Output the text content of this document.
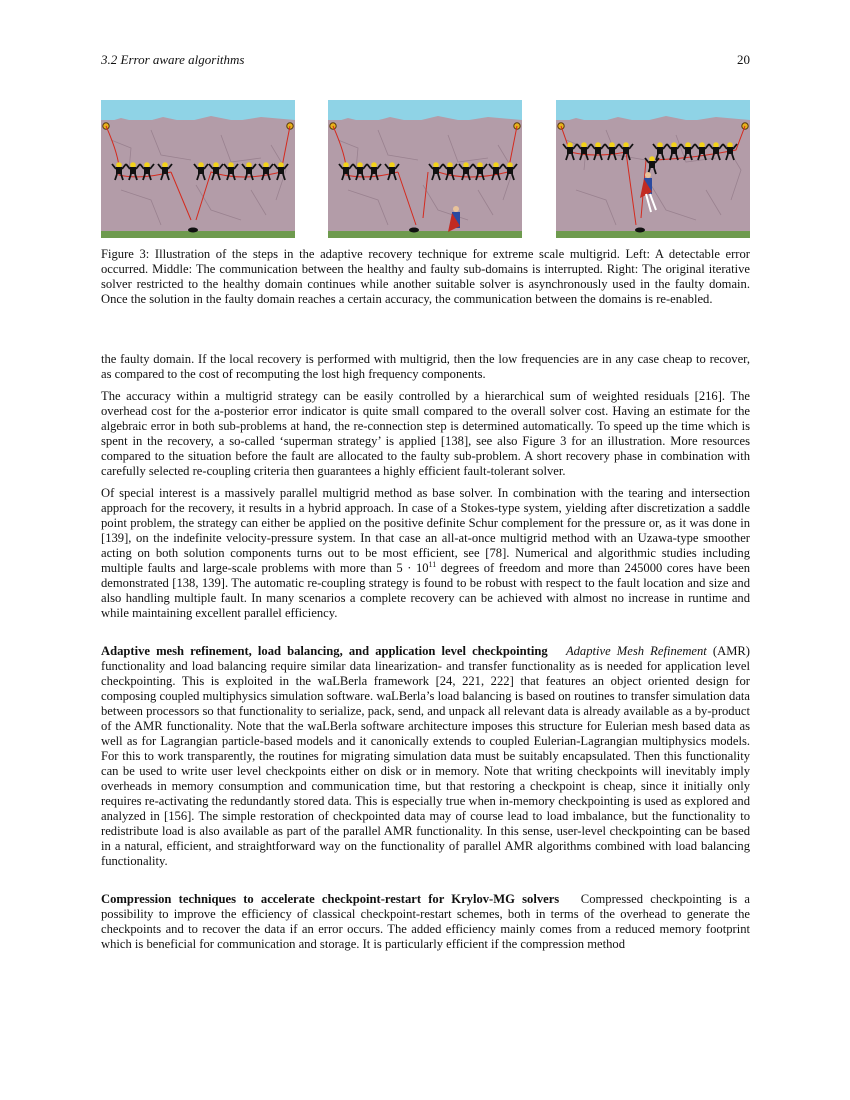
3.2 Error aware algorithms	20
Figure 3: Illustration of the steps in the adaptive recovery technique for extreme scale multigrid. Left: A detectable error occurred. Middle: The communication between the healthy and faulty sub-domains is interrupted. Right: The original iterative solver restricted to the healthy domain continues while another suitable solver is asynchronously used in the faulty domain. Once the solution in the faulty domain reaches a certain accuracy, the communication between the domains is re-enabled.

the faulty domain. If the local recovery is performed with multigrid, then the low frequencies are in any case cheap to recover, as compared to the cost of recomputing the lost high frequency components.

The accuracy within a multigrid strategy can be easily controlled by a hierarchical sum of weighted residuals [216]. The overhead cost for the a-posterior error indicator is quite small compared to the overall solver cost. Having an estimate for the algebraic error in both sub-problems at hand, the re-connection step is determined automatically. To speed up the time which is spent in the recovery, a so-called ‘superman strategy’ is applied [138], see also Figure 3 for an illustration. More resources compared to the situation before the fault are allocated to the faulty sub-problem. A short recovery phase in combination with carefully selected re-coupling criteria then guarantees a highly efficient fault-tolerant solver.

Of special interest is a massively parallel multigrid method as base solver. In combination with the tearing and intersection approach for the recovery, it results in a hybrid approach. In case of a Stokes-type system, yielding after discretization a saddle point problem, the strategy can either be applied on the positive definite Schur complement for the pressure or, as it was done in [139], on the indefinite velocity-pressure system. In that case an all-at-once multigrid method with an Uzawa-type smoother acting on both solution components turns out to be most efficient, see [78]. Numerical and algorithmic studies including multiple faults and large-scale problems with more than $5 \cdot 10^{11}$ degrees of freedom and more than 245000 cores have been demonstrated [138, 139]. The automatic re-coupling strategy is found to be robust with respect to the fault location and size and also handling multiple fault. In many scenarios a complete recovery can be achieved with almost no increase in runtime and while maintaining excellent parallel efficiency.

Adaptive mesh refinement, load balancing, and application level checkpointing Adaptive Mesh Refinement (AMR) functionality and load balancing require similar data linearization- and transfer functionality as is needed for application level checkpointing. This is exploited in the waLBerla framework [24, 221, 222] that features an object oriented design for composing coupled multiphysics simulation software. waLBerla’s load balancing is based on routines to transfer simulation data between processors so that functionality to serialize, pack, send, and unpack all relevant data is already available as a by-product of the AMR functionality. Note that the waLBerla software architecture imposes this structure for Eulerian mesh based data as well as for Lagrangian particle-based models and it canonically extends to coupled Eulerian-Lagrangian multiphysics models. For this to work transparently, the routines for migrating simulation data must be suitably encapsulated. Then this functionality can be used to write user level checkpoints either on disk or in memory. Note that writing checkpoints will inevitably imply overheads in memory consumption and communication time, but that restoring a checkpoint is cheap, since it initially only requires re-activating the redundantly stored data. This is especially true when in-memory checkpointing is used as explored and analyzed in [156]. The simple restoration of checkpointed data may of course lead to load imbalance, but the functionality to redistribute load is also available as part of the parallel AMR functionality. In this sense, user-level checkpointing can be based in a natural, efficient, and straightforward way on the functionality of parallel AMR algorithms combined with load balancing functionality.

Compression techniques to accelerate checkpoint-restart for Krylov-MG solvers Compressed checkpointing is a possibility to improve the efficiency of classical checkpoint-restart schemes, both in terms of the overhead to generate the checkpoints and to recover the data if an error occurs. The added efficiency mainly comes from a reduced memory footprint which is beneficial for communication and storage. It is particularly efficient if the compression method
